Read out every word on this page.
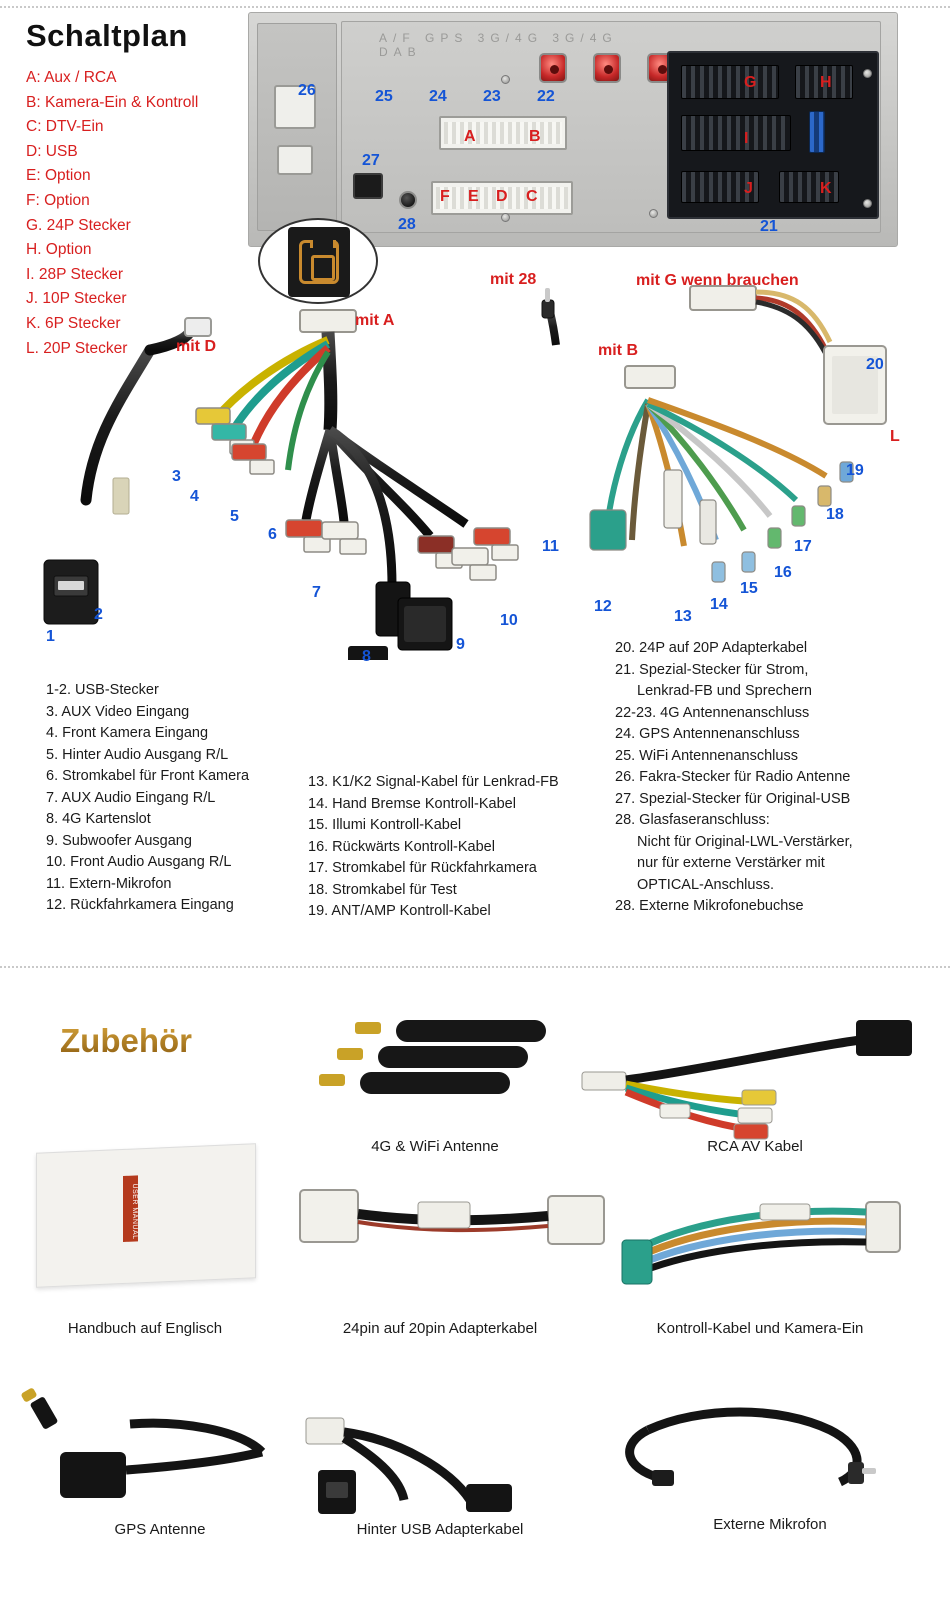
Schaltplan
A: Aux / RCA
B: Kamera-Ein & Kontroll
C: DTV-Ein
D: USB
E: Option
F: Option
G. 24P Stecker
H. Option
I. 28P Stecker
J. 10P Stecker
K. 6P Stecker
L. 20P Stecker
A/F GPS 3G/4G 3G/4G DAB
26
27
28
25 24 23 22
21
A	B
F E D C
G	H
I
J	K
mit D
mit A
mit 28
mit B
mit G wenn brauchen
L
20
1
2
3
4
5
6
7
8
9
10
11
12
13
14
15
16
17
18
19
1-2. USB-Stecker
3. AUX Video Eingang
4. Front Kamera Eingang
5. Hinter Audio Ausgang R/L
6. Stromkabel für Front Kamera
7. AUX Audio Eingang R/L
8. 4G Kartenslot
9. Subwoofer Ausgang
10. Front Audio Ausgang R/L
11. Extern-Mikrofon
12. Rückfahrkamera Eingang
13. K1/K2 Signal-Kabel für Lenkrad-FB
14. Hand Bremse Kontroll-Kabel
15. Illumi Kontroll-Kabel
16. Rückwärts Kontroll-Kabel
17. Stromkabel für Rückfahrkamera
18. Stromkabel für Test
19. ANT/AMP Kontroll-Kabel
20. 24P auf 20P Adapterkabel
21. Spezial-Stecker für Strom,
Lenkrad-FB und Sprechern
22-23. 4G Antennenanschluss
24. GPS Antennenanschluss
25. WiFi Antennenanschluss
26. Fakra-Stecker für Radio Antenne
27. Spezial-Stecker für Original-USB
28. Glasfaseranschluss:
Nicht für Original-LWL-Verstärker,
nur für externe Verstärker mit
OPTICAL-Anschluss.
28. Externe Mikrofonebuchse
Zubehör
USER MANUAL
4G & WiFi Antenne	RCA AV Kabel
Handbuch auf Englisch	24pin auf 20pin Adapterkabel	Kontroll-Kabel und Kamera-Ein
GPS Antenne	Hinter USB Adapterkabel	Externe Mikrofon
